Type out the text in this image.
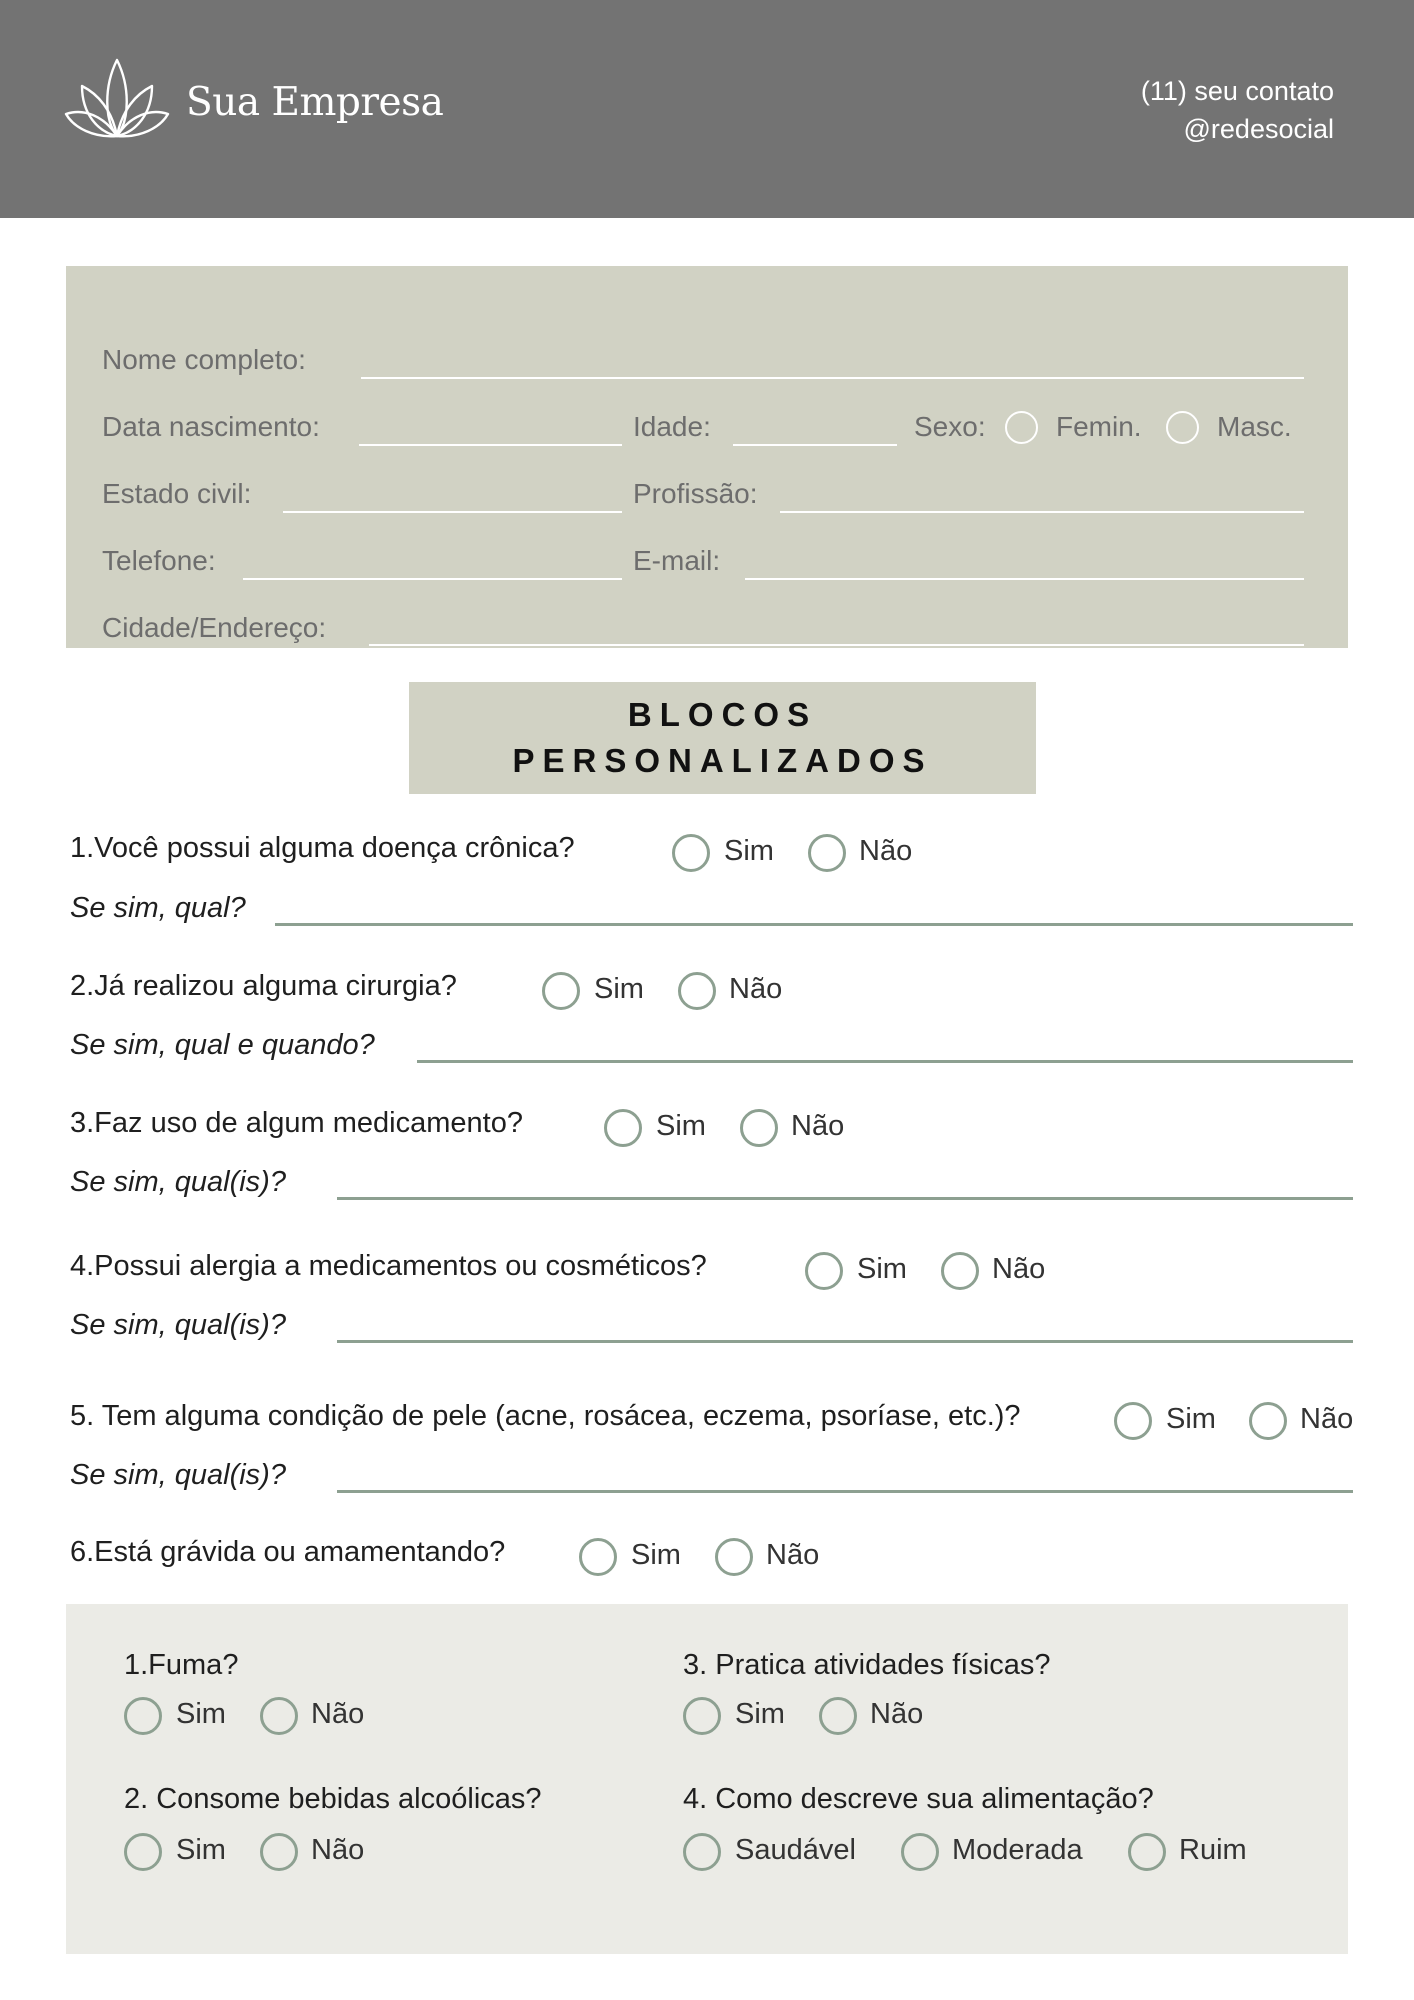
Sua Empresa	(11) seu contato
@redesocial
Nome completo:
Data nascimento:	Idade:	Sexo:	Femin.	Masc.
Estado civil:	Profissão:
Telefone:	E-mail:
Cidade/Endereço:
BLOCOS
PERSONALIZADOS
1.Você possui alguma doença crônica?	Sim	Não
Se sim, qual?
2.Já realizou alguma cirurgia?	Sim	Não
Se sim, qual e quando?
3.Faz uso de algum medicamento?	Sim	Não
Se sim, qual(is)?
4.Possui alergia a medicamentos ou cosméticos?	Sim	Não
Se sim, qual(is)?
5. Tem alguma condição de pele (acne, rosácea, eczema, psoríase, etc.)?	Sim	Não
Se sim, qual(is)?
6.Está grávida ou amamentando?	Sim	Não
1.Fuma?
Sim	Não
2. Consome bebidas alcoólicas?
Sim	Não
3. Pratica atividades físicas?
Sim	Não
4. Como descreve sua alimentação?
Saudável	Moderada	Ruim
